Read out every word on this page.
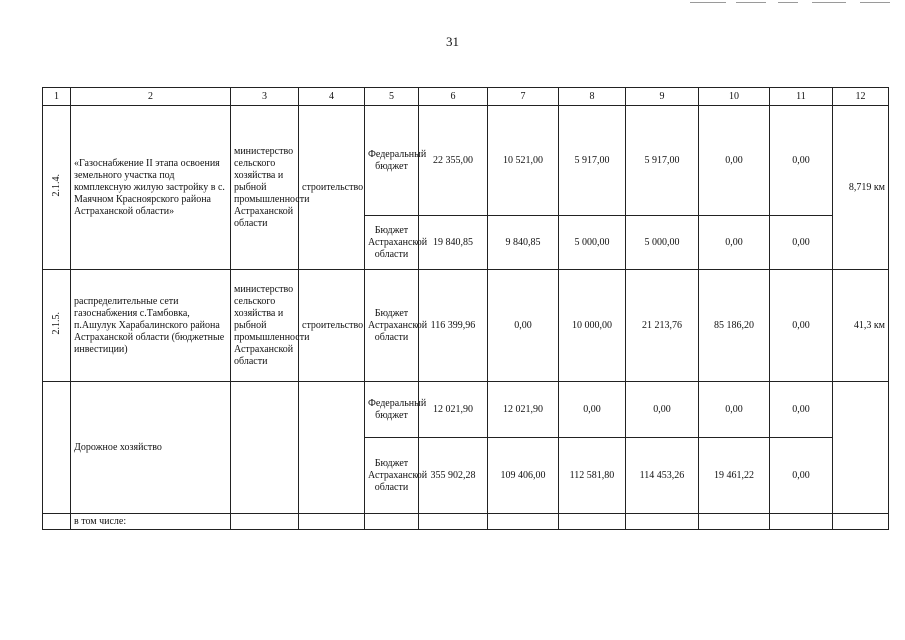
31
1	2	3	4	5	6	7	8	9	10	11	12
2.1.4.	«Газоснабжение II этапа освоения земельного участка под комплексную жилую застройку в с. Маячном Красноярского района Астраханской области»	министерство сельского хозяйства и рыбной промышленности Астраханской области	строительство	Федеральный бюджет	22 355,00	10 521,00	5 917,00	5 917,00	0,00	0,00	8,719 км
				Бюджет Астраханской области	19 840,85	9 840,85	5 000,00	5 000,00	0,00	0,00	
2.1.5.	распределительные сети газоснабжения с.Тамбовка, п.Ашулук Харабалинского района Астраханской области (бюджетные инвестиции)	министерство сельского хозяйства и рыбной промышленности Астраханской области	строительство	Бюджет Астраханской области	116 399,96	0,00	10 000,00	21 213,76	85 186,20	0,00	41,3 км
	Дорожное хозяйство			Федеральный бюджет	12 021,90	12 021,90	0,00	0,00	0,00	0,00	
				Бюджет Астраханской области	355 902,28	109 406,00	112 581,80	114 453,26	19 461,22	0,00	
	в том числе:										
